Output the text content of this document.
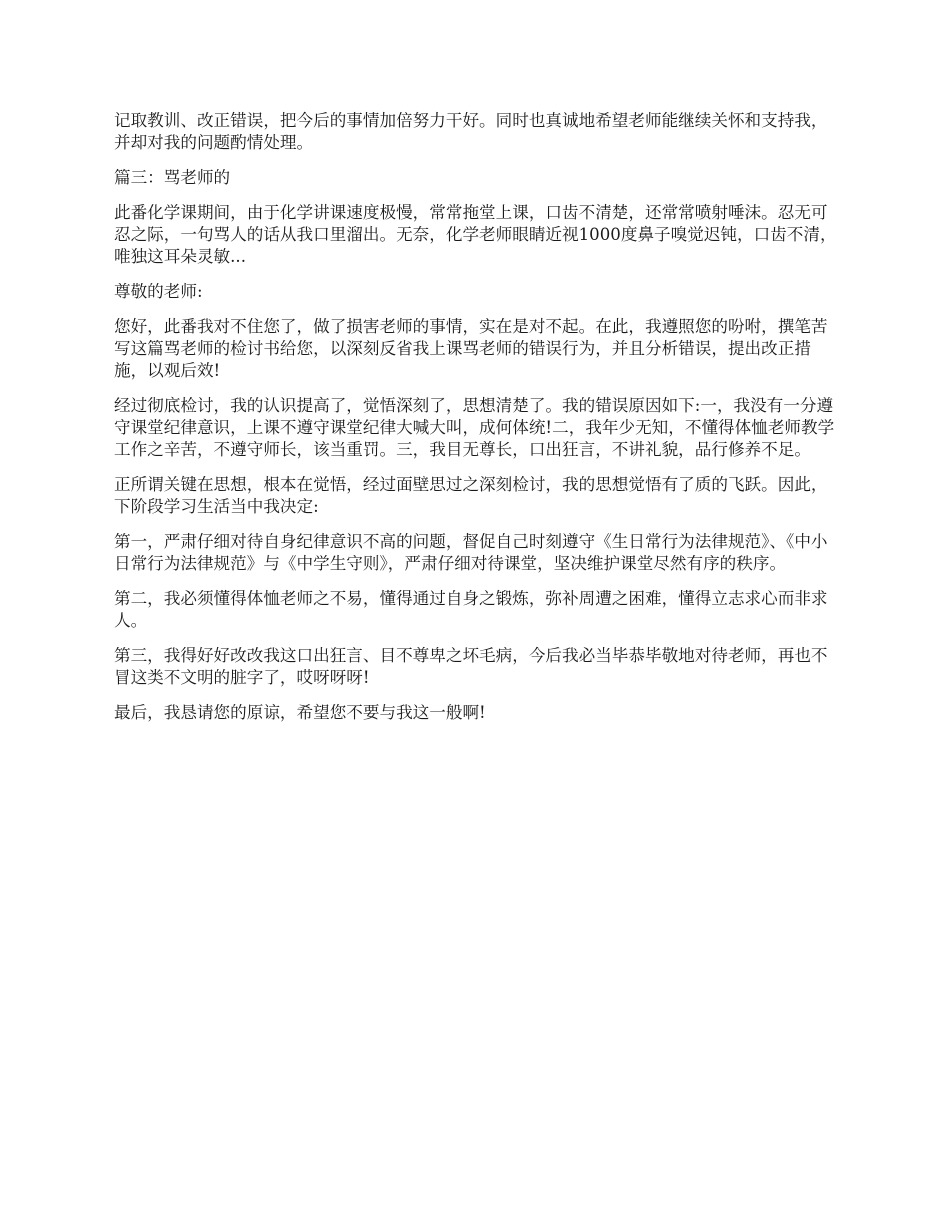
记取教训、改正错误，把今后的事情加倍努力干好。同时也真诚地希望老师能继续关怀和支持我，并却对我的问题酌情处理。

篇三：骂老师的

此番化学课期间，由于化学讲课速度极慢，常常拖堂上课，口齿不清楚，还常常喷射唾沫。忍无可忍之际，一句骂人的话从我口里溜出。无奈，化学老师眼睛近视1000度鼻子嗅觉迟钝，口齿不清，唯独这耳朵灵敏...

尊敬的老师:

您好，此番我对不住您了，做了损害老师的事情，实在是对不起。在此，我遵照您的吩咐，撰笔苦写这篇骂老师的检讨书给您，以深刻反省我上课骂老师的错误行为，并且分析错误，提出改正措施，以观后效!

经过彻底检讨，我的认识提高了，觉悟深刻了，思想清楚了。我的错误原因如下:一，我没有一分遵守课堂纪律意识，上课不遵守课堂纪律大喊大叫，成何体统!二，我年少无知，不懂得体恤老师教学工作之辛苦，不遵守师长，该当重罚。三，我目无尊长，口出狂言，不讲礼貌，品行修养不足。

正所谓关键在思想，根本在觉悟，经过面壁思过之深刻检讨，我的思想觉悟有了质的飞跃。因此，下阶段学习生活当中我决定:

第一，严肃仔细对待自身纪律意识不高的问题，督促自己时刻遵守《生日常行为法律规范》、《中小日常行为法律规范》与《中学生守则》，严肃仔细对待课堂，坚决维护课堂尽然有序的秩序。

第二，我必须懂得体恤老师之不易，懂得通过自身之锻炼，弥补周遭之困难，懂得立志求心而非求人。

第三，我得好好改改我这口出狂言、目不尊卑之坏毛病，今后我必当毕恭毕敬地对待老师，再也不冒这类不文明的脏字了，哎呀呀呀!

最后，我恳请您的原谅，希望您不要与我这一般啊!
